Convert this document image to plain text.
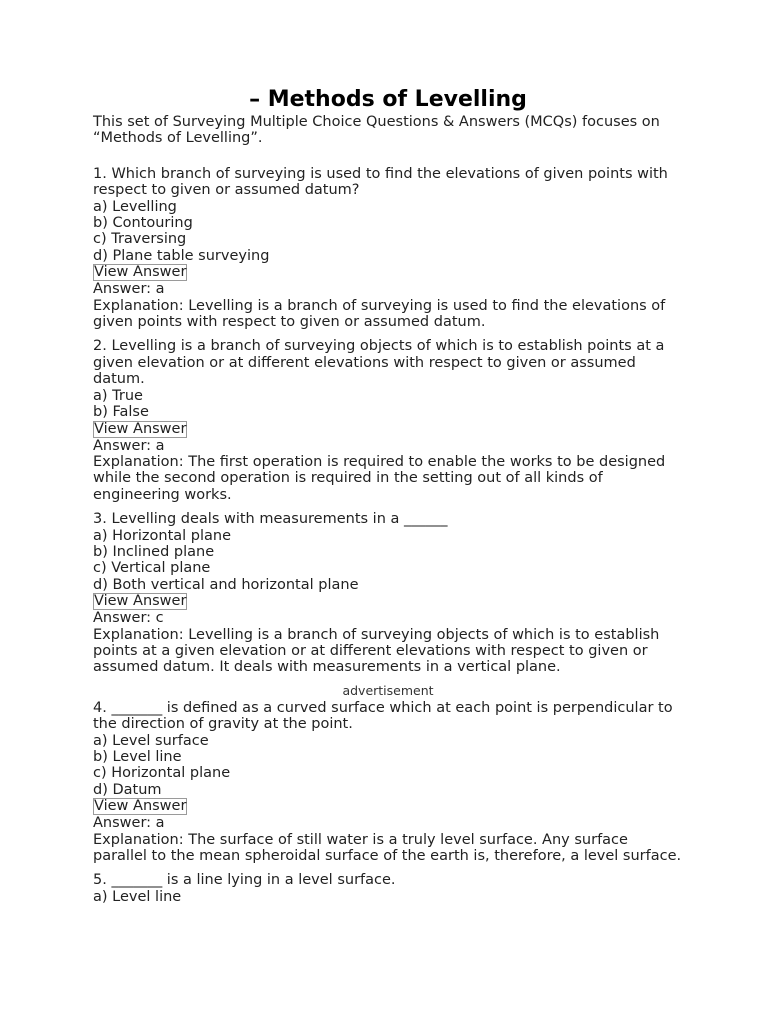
– Methods of Levelling

This set of Surveying Multiple Choice Questions & Answers (MCQs) focuses on “Methods of Levelling”.

1. Which branch of surveying is used to find the elevations of given points with respect to given or assumed datum?
a) Levelling
b) Contouring
c) Traversing
d) Plane table surveying
View Answer
Answer: a
Explanation: Levelling is a branch of surveying is used to find the elevations of given points with respect to given or assumed datum.
2. Levelling is a branch of surveying objects of which is to establish points at a given elevation or at different elevations with respect to given or assumed datum.
a) True
b) False
View Answer
Answer: a
Explanation: The first operation is required to enable the works to be designed while the second operation is required in the setting out of all kinds of engineering works.
3. Levelling deals with measurements in a ______
a) Horizontal plane
b) Inclined plane
c) Vertical plane
d) Both vertical and horizontal plane
View Answer
Answer: c
Explanation: Levelling is a branch of surveying objects of which is to establish points at a given elevation or at different elevations with respect to given or assumed datum. It deals with measurements in a vertical plane.
advertisement
4. _______ is defined as a curved surface which at each point is perpendicular to the direction of gravity at the point.
a) Level surface
b) Level line
c) Horizontal plane
d) Datum
View Answer
Answer: a
Explanation: The surface of still water is a truly level surface. Any surface parallel to the mean spheroidal surface of the earth is, therefore, a level surface.
5. _______ is a line lying in a level surface.
a) Level line
